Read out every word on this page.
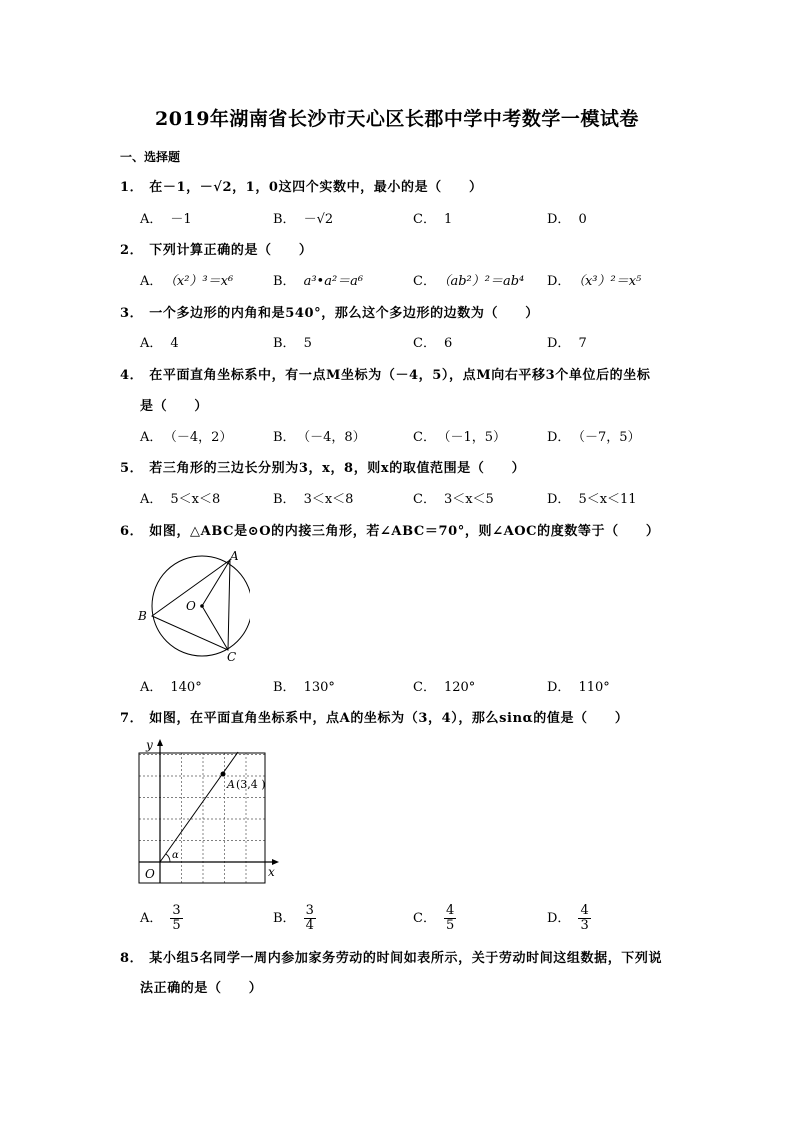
2019年湖南省长沙市天心区长郡中学中考数学一模试卷
一、选择题
1． 在－1，－√2，1，0这四个实数中，最小的是（　　）
A． －1	B． －√2	C． 1	D． 0
2． 下列计算正确的是（　　）
A． （x²）³＝x⁶	B． a³•a²＝a⁶	C． （ab²）²＝ab⁴ D． （x³）²＝x⁵
3． 一个多边形的内角和是540°，那么这个多边形的边数为（　　）
A． 4	B． 5	C． 6	D． 7
4． 在平面直角坐标系中，有一点M坐标为（－4，5），点M向右平移3个单位后的坐标
是（　　）
A． （－4，2）	B． （－4，8）	C． （－1，5）	D． （－7，5）
5． 若三角形的三边长分别为3，x，8，则x的取值范围是（　　）
A． 5＜x＜8	B． 3＜x＜8	C． 3＜x＜5	D． 5＜x＜11
6． 如图，△ABC是⊙O的内接三角形，若∠ABC＝70°，则∠AOC的度数等于（　　）
A
B
C
O
A． 140°	B． 130°	C． 120°	D． 110°
7． 如图，在平面直角坐标系中，点A的坐标为（3，4），那么sinα的值是（　　）
y
x
O
A (3,4 )
α
A． $\frac{3}{5}$	B． $\frac{3}{4}$	C． $\frac{4}{5}$	D． $\frac{4}{3}$
8． 某小组5名同学一周内参加家务劳动的时间如表所示，关于劳动时间这组数据，下列说
法正确的是（　　）
